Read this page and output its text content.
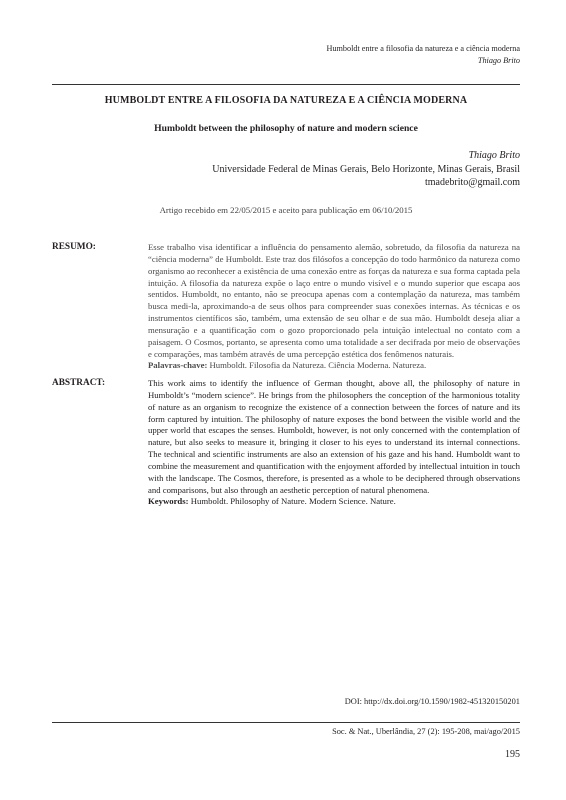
Humboldt entre a filosofia da natureza e a ciência moderna
Thiago Brito
HUMBOLDT ENTRE A FILOSOFIA DA NATUREZA E A CIÊNCIA MODERNA
Humboldt between the philosophy of nature and modern science
Thiago Brito
Universidade Federal de Minas Gerais, Belo Horizonte, Minas Gerais, Brasil
tmadebrito@gmail.com
Artigo recebido em 22/05/2015 e aceito para publicação em 06/10/2015
RESUMO:	Esse trabalho visa identificar a influência do pensamento alemão, sobretudo, da filosofia da natureza na “ciência moderna” de Humboldt. Este traz dos filósofos a concepção do todo harmônico da natureza como organismo ao reconhecer a existência de uma conexão entre as forças da natureza e sua forma captada pela intuição. A filosofia da natureza expõe o laço entre o mundo visível e o mundo superior que escapa aos sentidos. Humboldt, no entanto, não se preocupa apenas com a contemplação da natureza, mas também busca medi-la, aproximando-a de seus olhos para compreender suas conexões internas. As técnicas e os instrumentos científicos são, também, uma extensão de seu olhar e de sua mão. Humboldt deseja aliar a mensuração e a quantificação com o gozo proporcionado pela intuição intelectual no contato com a paisagem. O Cosmos, portanto, se apresenta como uma totalidade a ser decifrada por meio de observações e comparações, mas também através de uma percepção estética dos fenômenos naturais.
Palavras-chave: Humboldt. Filosofia da Natureza. Ciência Moderna. Natureza.
ABSTRACT:	This work aims to identify the influence of German thought, above all, the philosophy of nature in Humboldt’s “modern science”. He brings from the philosophers the conception of the harmonious totality of nature as an organism to recognize the existence of a connection between the forces of nature and its form captured by intuition. The philosophy of nature exposes the bond between the visible world and the upper world that escapes the senses. Humboldt, however, is not only concerned with the contemplation of nature, but also seeks to measure it, bringing it closer to his eyes to understand its internal connections. The technical and scientific instruments are also an extension of his gaze and his hand. Humboldt want to combine the measurement and quantification with the enjoyment afforded by intellectual intuition in touch with the landscape. The Cosmos, therefore, is presented as a whole to be deciphered through observations and comparisons, but also through an aesthetic perception of natural phenomena.
Keywords: Humboldt. Philosophy of Nature. Modern Science. Nature.
DOI: http://dx.doi.org/10.1590/1982-451320150201
Soc. & Nat., Uberlândia, 27 (2): 195-208, mai/ago/2015
195
